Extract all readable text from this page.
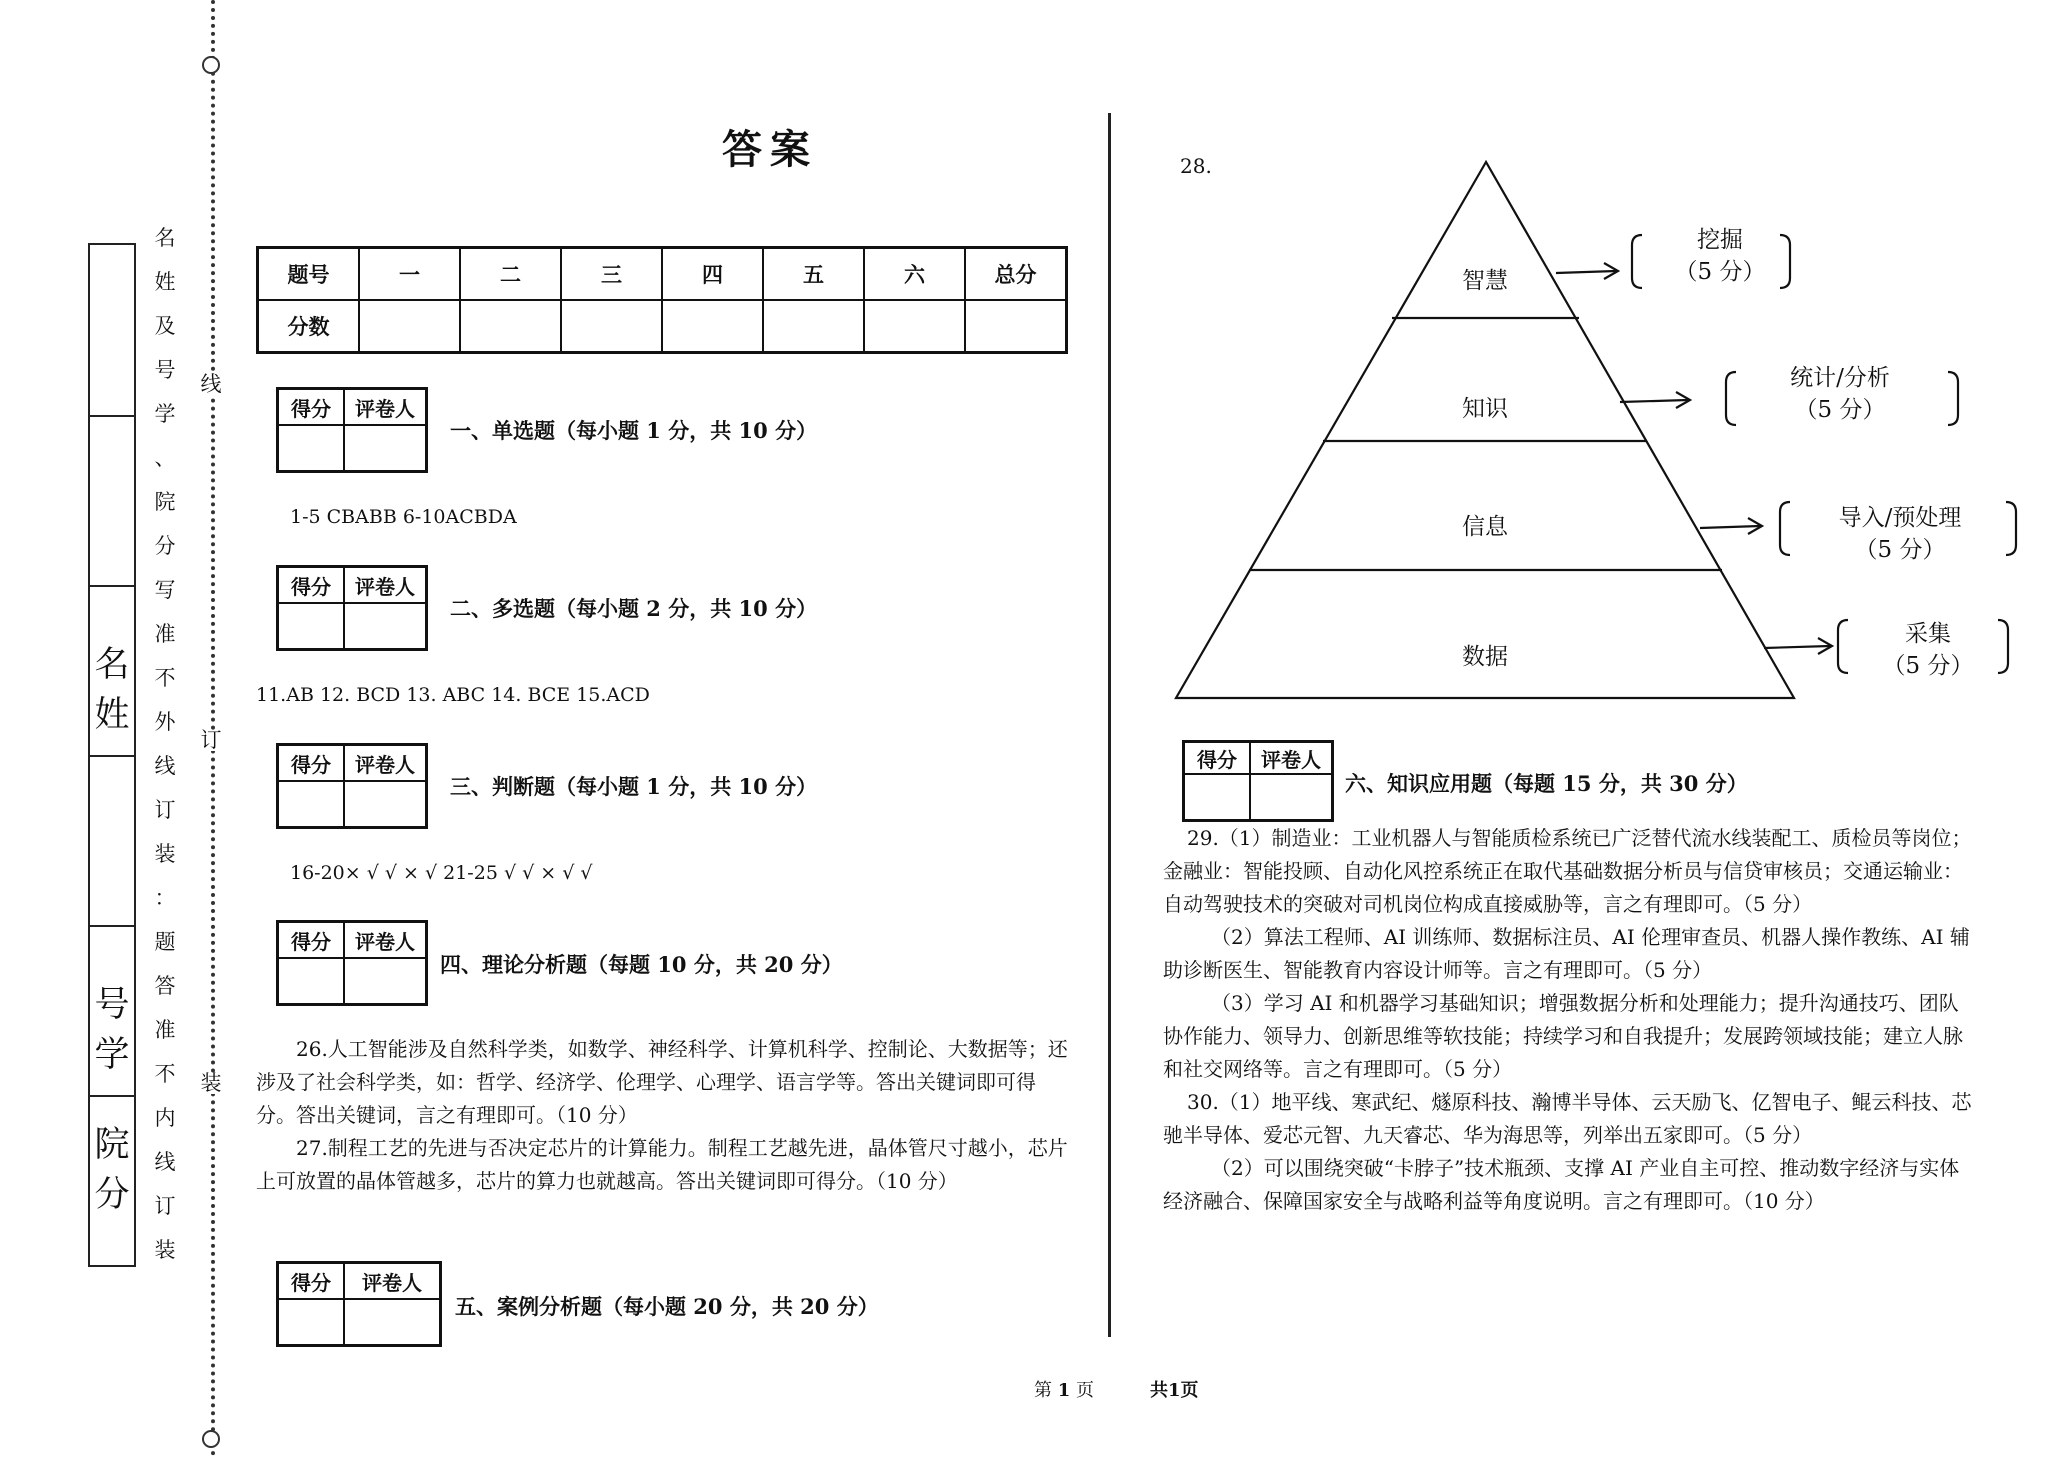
线
订
装
名
姓
及
号
学
、
院
分
写
准
不
外
线
订
装
：
题
答
准
不
内
线
订
装
名
姓
号
学
院
分
答案
题号	一	二	三	四	五	六	总分
分数							
得分	评卷人

一、单选题（每小题 1 分，共 10 分）
1-5 CBABB 6-10ACBDA
得分	评卷人

二、多选题（每小题 2 分，共 10 分）
11.AB 12. BCD 13. ABC 14. BCE 15.ACD
得分	评卷人

三、判断题（每小题 1 分，共 10 分）
16-20× √ √ × √ 21-25 √ √ × √ √
得分	评卷人

四、理论分析题（每题 10 分，共 20 分）

26.人工智能涉及自然科学类，如数学、神经科学、计算机科学、控制论、大数据等；还涉及了社会科学类，如：哲学、经济学、伦理学、心理学、语言学等。答出关键词即可得分。答出关键词，言之有理即可。（10 分）

27.制程工艺的先进与否决定芯片的计算能力。制程工艺越先进，晶体管尺寸越小，芯片上可放置的晶体管越多，芯片的算力也就越高。答出关键词即可得分。（10 分）

得分	评卷人

五、案例分析题（每小题 20 分，共 20 分）
28.
智慧
知识
信息
数据
挖掘
（5 分）
统计/分析
（5 分）
导入/预处理
（5 分）
采集
（5 分）
得分	评卷人

六、知识应用题（每题 15 分，共 30 分）

29.（1）制造业：工业机器人与智能质检系统已广泛替代流水线装配工、质检员等岗位；金融业：智能投顾、自动化风控系统正在取代基础数据分析员与信贷审核员；交通运输业：自动驾驶技术的突破对司机岗位构成直接威胁等，言之有理即可。（5 分）

（2）算法工程师、AI 训练师、数据标注员、AI 伦理审查员、机器人操作教练、AI 辅助诊断医生、智能教育内容设计师等。言之有理即可。（5 分）

（3）学习 AI 和机器学习基础知识；增强数据分析和处理能力；提升沟通技巧、团队协作能力、领导力、创新思维等软技能；持续学习和自我提升；发展跨领域技能；建立人脉和社交网络等。言之有理即可。（5 分）

30.（1）地平线、寒武纪、燧原科技、瀚博半导体、云天励飞、亿智电子、鲲云科技、芯驰半导体、爱芯元智、九天睿芯、华为海思等，列举出五家即可。（5 分）

（2）可以围绕突破“卡脖子”技术瓶颈、支撑 AI 产业自主可控、推动数字经济与实体经济融合、保障国家安全与战略利益等角度说明。言之有理即可。（10 分）

第 1 页	共1页
